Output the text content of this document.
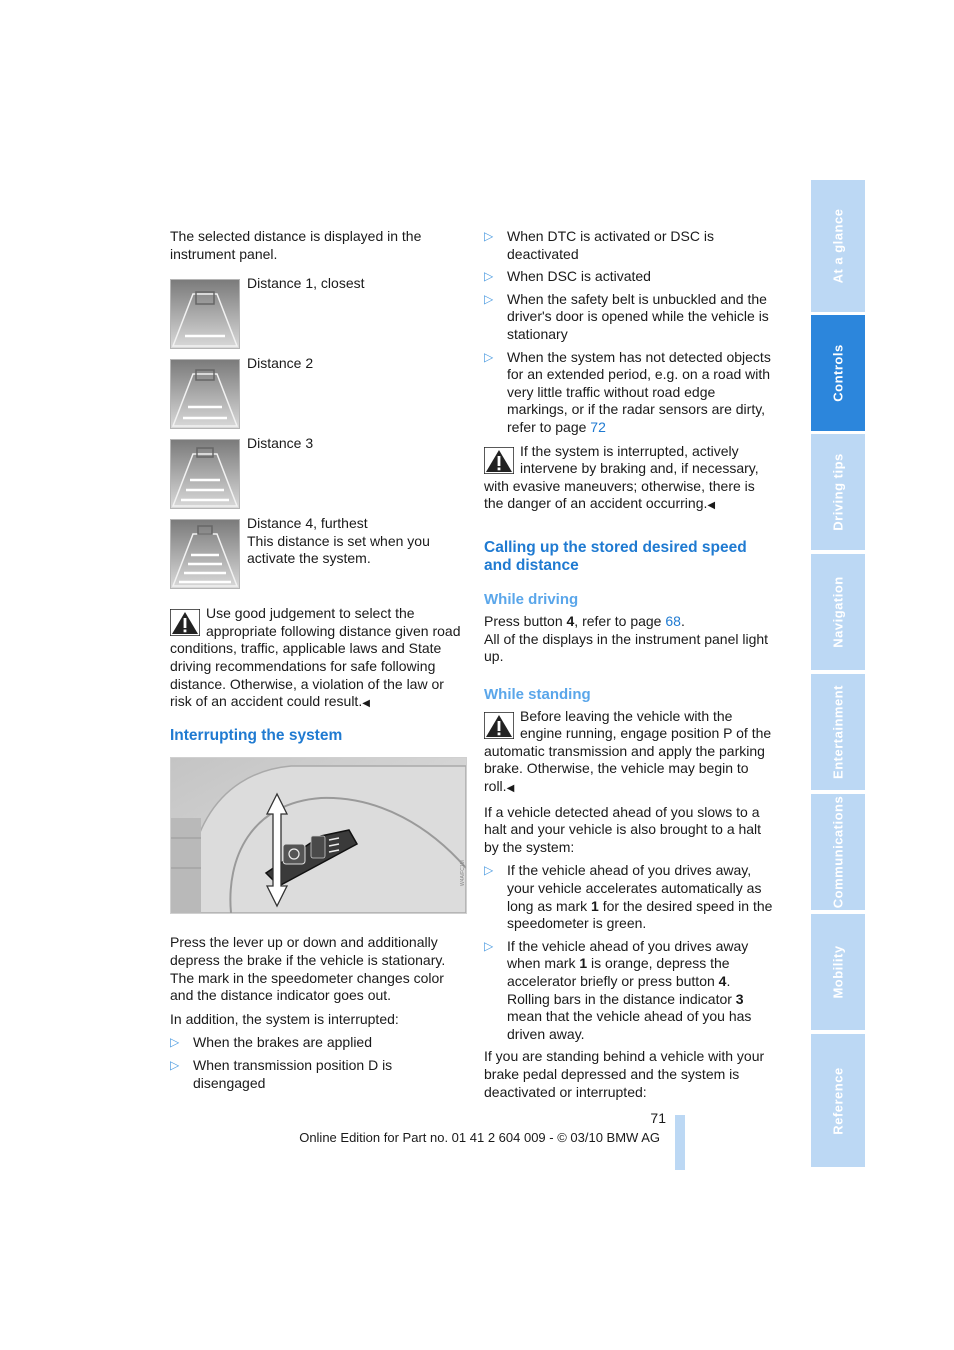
The selected distance is displayed in the instrument panel.

Distance 1, closest
Distance 2
Distance 3
Distance 4, furthest
This distance is set when you activate the system.
Use good judgement to select the appropriate following distance given road conditions, traffic, applicable laws and State driving recommendations for safe following distance. Otherwise, a violation of the law or risk of an accident could result.◀
Interrupting the system
W4A/FC1M

Press the lever up or down and additionally depress the brake if the vehicle is stationary. The mark in the speedometer changes color and the distance indicator goes out.

In addition, the system is interrupted:

▷ When the brakes are applied
▷ When transmission position D is disengaged
▷ When DTC is activated or DSC is deactivated
▷ When DSC is activated
▷ When the safety belt is unbuckled and the driver's door is opened while the vehicle is stationary
▷ When the system has not detected objects for an extended period, e.g. on a road with very little traffic without road edge markings, or if the radar sensors are dirty, refer to page 72
If the system is interrupted, actively intervene by braking and, if necessary, with evasive maneuvers; otherwise, there is the danger of an accident occurring.◀
Calling up the stored desired speed and distance
While driving

Press button 4, refer to page 68.

All of the displays in the instrument panel light up.

While standing
Before leaving the vehicle with the engine running, engage position P of the automatic transmission and apply the parking brake. Otherwise, the vehicle may begin to roll.◀

If a vehicle detected ahead of you slows to a halt and your vehicle is also brought to a halt by the system:

▷ If the vehicle ahead of you drives away, your vehicle accelerates automatically as long as mark 1 for the desired speed in the speedometer is green.
▷ If the vehicle ahead of you drives away when mark 1 is orange, depress the accelerator briefly or press button 4.
Rolling bars in the distance indicator 3 mean that the vehicle ahead of you has driven away.

If you are standing behind a vehicle with your brake pedal depressed and the system is deactivated or interrupted:

At a glance
Controls
Driving tips
Navigation
Entertainment
Communications
Mobility
Reference
71
Online Edition for Part no. 01 41 2 604 009 - © 03/10 BMW AG
